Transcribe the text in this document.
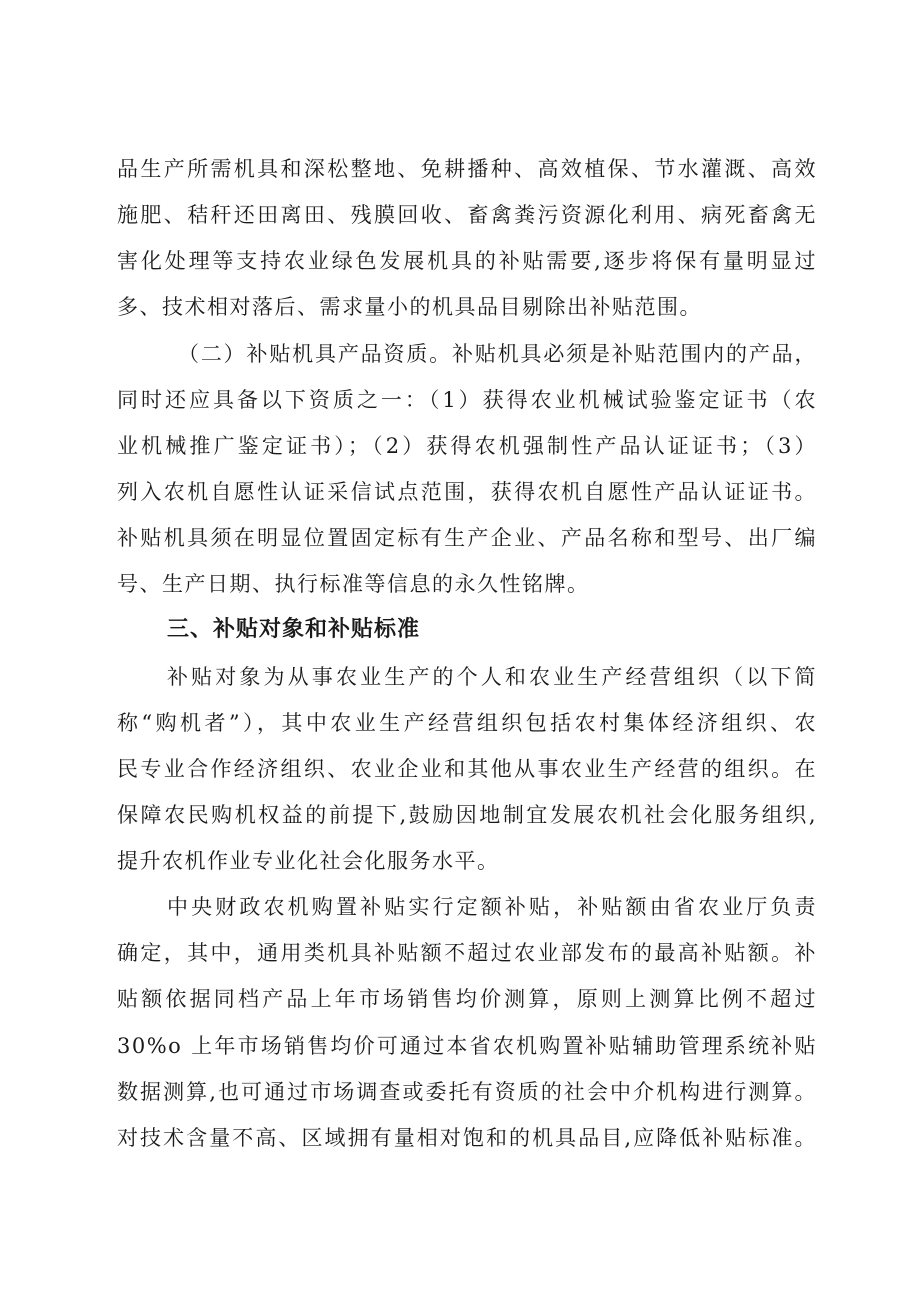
品生产所需机具和深松整地、免耕播种、高效植保、节水灌溉、高效
施肥、秸秆还田离田、残膜回收、畜禽粪污资源化利用、病死畜禽无
害化处理等支持农业绿色发展机具的补贴需要,逐步将保有量明显过
多、技术相对落后、需求量小的机具品目剔除出补贴范围。
（二）补贴机具产品资质。补贴机具必须是补贴范围内的产品，
同时还应具备以下资质之一：（1）获得农业机械试验鉴定证书（农
业机械推广鉴定证书）；（2）获得农机强制性产品认证证书；（3）
列入农机自愿性认证采信试点范围，获得农机自愿性产品认证证书。
补贴机具须在明显位置固定标有生产企业、产品名称和型号、出厂编
号、生产日期、执行标准等信息的永久性铭牌。
三、补贴对象和补贴标准
补贴对象为从事农业生产的个人和农业生产经营组织（以下简
称“购机者”），其中农业生产经营组织包括农村集体经济组织、农
民专业合作经济组织、农业企业和其他从事农业生产经营的组织。在
保障农民购机权益的前提下,鼓励因地制宜发展农机社会化服务组织,
提升农机作业专业化社会化服务水平。
中央财政农机购置补贴实行定额补贴，补贴额由省农业厅负责
确定，其中，通用类机具补贴额不超过农业部发布的最高补贴额。补
贴额依据同档产品上年市场销售均价测算，原则上测算比例不超过
30%o 上年市场销售均价可通过本省农机购置补贴辅助管理系统补贴
数据测算,也可通过市场调查或委托有资质的社会中介机构进行测算。
对技术含量不高、区域拥有量相对饱和的机具品目,应降低补贴标准。
